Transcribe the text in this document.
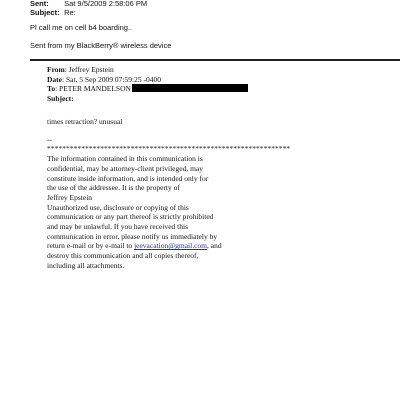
Sent: Sat 9/5/2009 2:58:06 PM
Subject: Re:

Pl call me on cell b4 boarding..

Sent from my BlackBerry® wireless device

From: Jeffrey Epstein
Date: Sat, 5 Sep 2009 07:59:25 -0400
To: PETER MANDELSON
Subject:
times retraction? unusual
--
****************************************************************
The information contained in this communication is
confidential, may be attorney-client privileged, may
constitute inside information, and is intended only for
the use of the addressee. It is the property of
Jeffrey Epstein
Unauthorized use, disclosure or copying of this
communication or any part thereof is strictly prohibited
and may be unlawful. If you have received this
communication in error, please notify us immediately by
return e-mail or by e-mail to jeevacation@gmail.com, and
destroy this communication and all copies thereof,
including all attachments.
